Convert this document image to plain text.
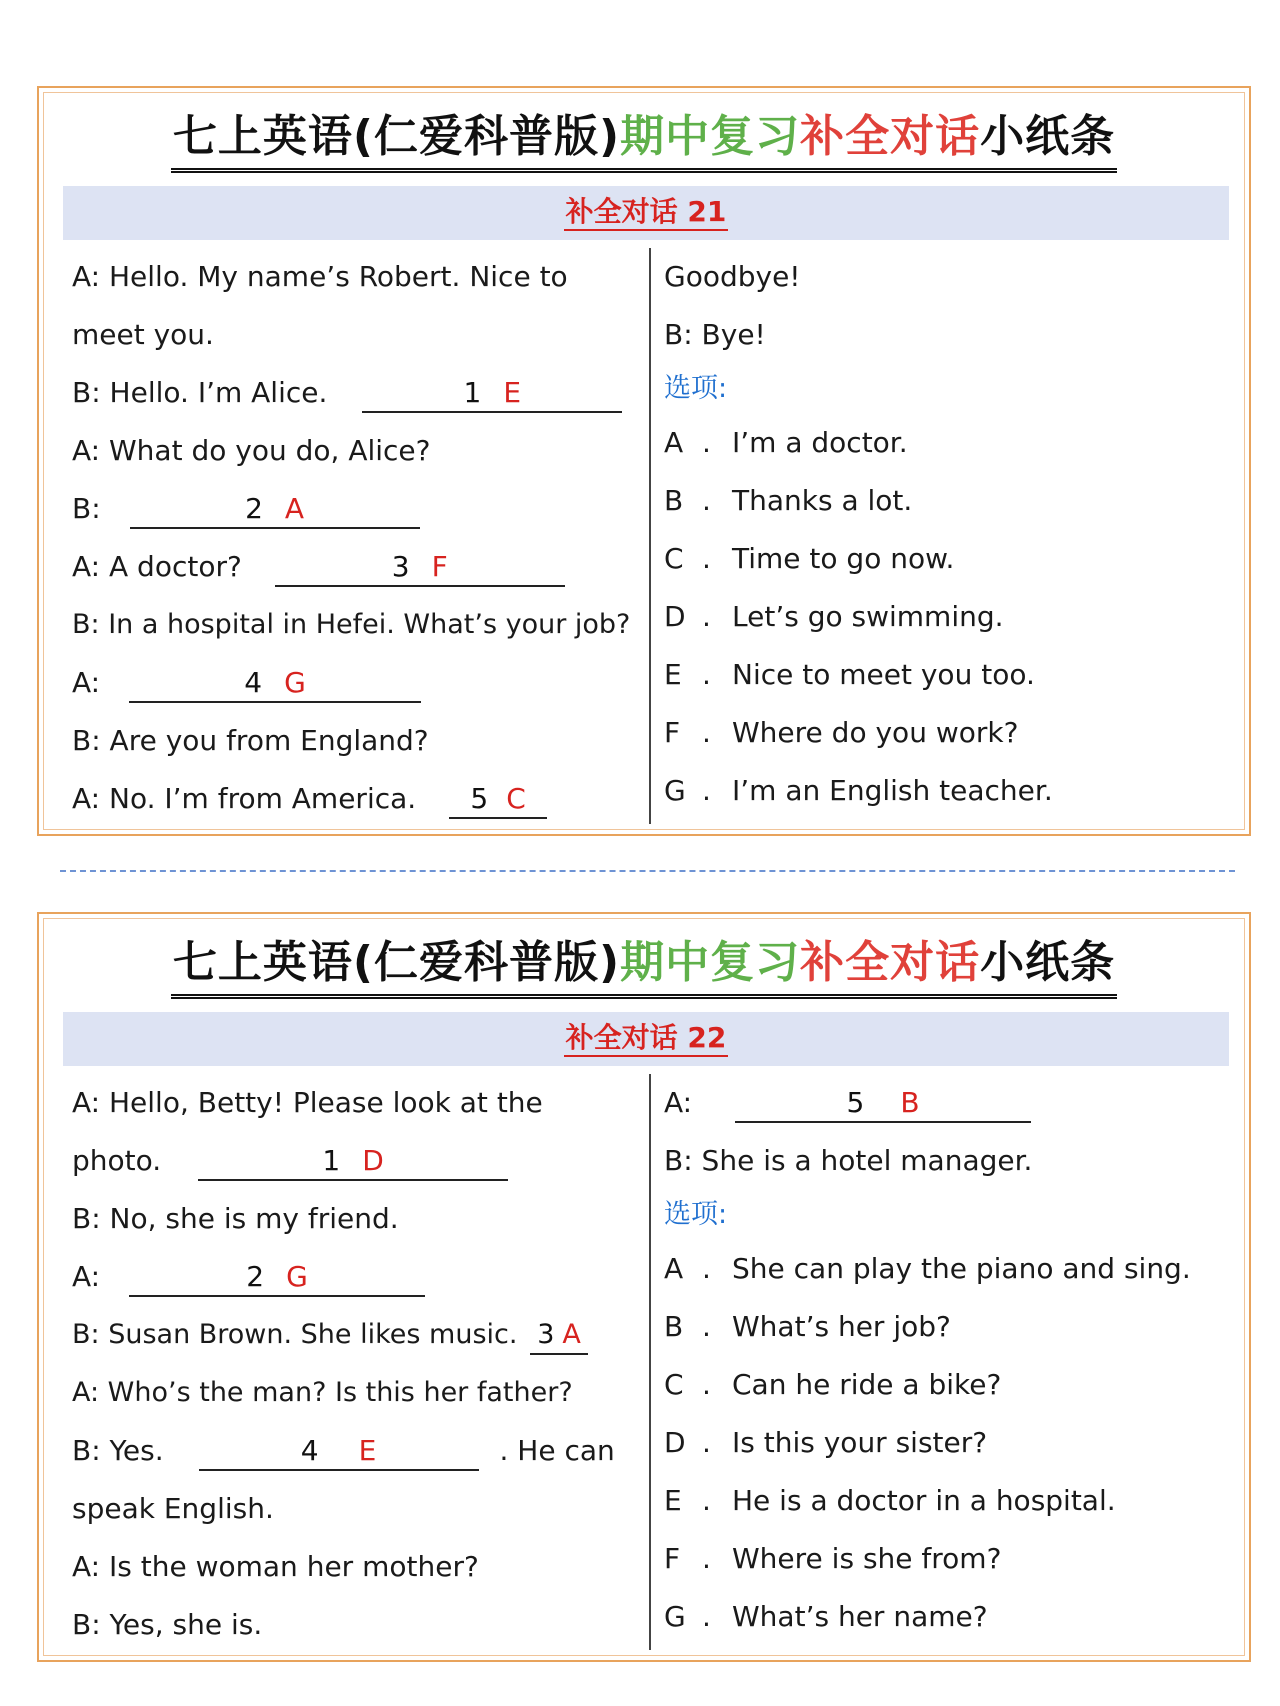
七上英语(仁爱科普版)期中复习补全对话小纸条
补全对话 21
A: Hello. My name’s Robert. Nice to
meet you.
B: Hello. I’m Alice.	1 E
A: What do you do, Alice?
B:	2 A
A: A doctor?	3 F
B: In a hospital in Hefei. What’s your job?
A:	4 G
B: Are you from England?
A: No. I’m from America. 5 C
Goodbye!
B: Bye!
选项:
A . I’m a doctor.
B . Thanks a lot.
C . Time to go now.
D . Let’s go swimming.
E . Nice to meet you too.
F . Where do you work?
G . I’m an English teacher.
七上英语(仁爱科普版)期中复习补全对话小纸条
补全对话 22
A: Hello, Betty! Please look at the
photo.	1 D
B: No, she is my friend.
A:	2 G
B: Susan Brown. She likes music. 3 A
A: Who’s the man? Is this her father?
B: Yes.	4 E	. He can
speak English.
A: Is the woman her mother?
B: Yes, she is.
A:	5 B
B: She is a hotel manager.
选项:
A . She can play the piano and sing.
B . What’s her job?
C . Can he ride a bike?
D . Is this your sister?
E . He is a doctor in a hospital.
F . Where is she from?
G . What’s her name?
